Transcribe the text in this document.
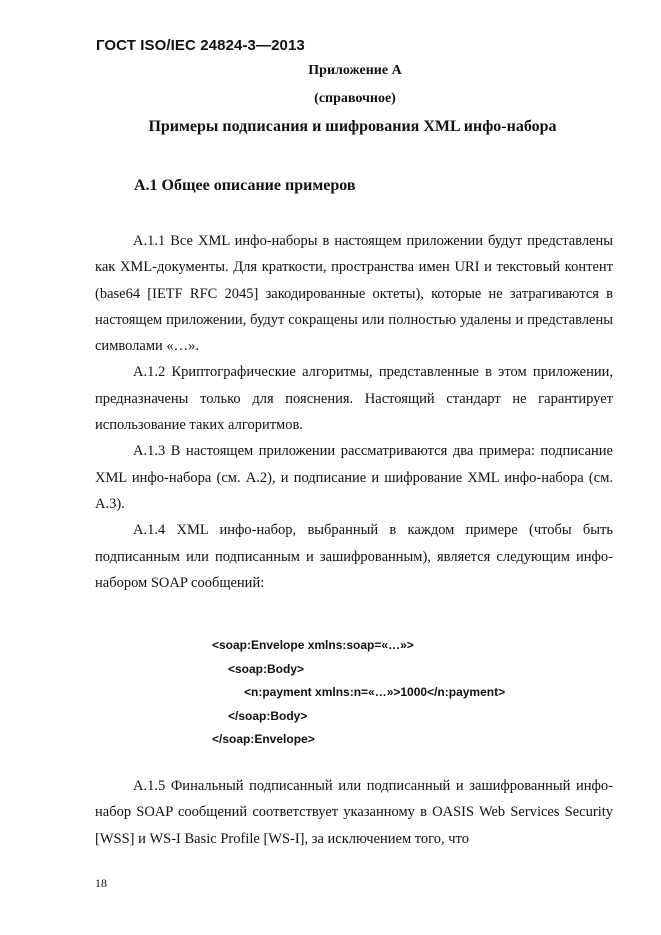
ГОСТ ISO/IEC 24824-3—2013
Приложение А
(справочное)
Примеры подписания и шифрования XML инфо-набора
А.1 Общее описание примеров

А.1.1 Все XML инфо-наборы в настоящем приложении будут представлены как XML-документы. Для краткости, пространства имен URI и текстовый контент (base64 [IETF RFC 2045] закодированные октеты), которые не затрагиваются в настоящем приложении, будут сокращены или полностью удалены и представлены символами «…».

А.1.2 Криптографические алгоритмы, представленные в этом приложении, предназначены только для пояснения. Настоящий стандарт не гарантирует использование таких алгоритмов.

А.1.3 В настоящем приложении рассматриваются два примера: подписание XML инфо-набора (см. А.2), и подписание и шифрование XML инфо-набора (см. А.3).

А.1.4 XML инфо-набор, выбранный в каждом примере (чтобы быть подписанным или подписанным и зашифрованным), является следующим инфо-набором SOAP сообщений:

<soap:Envelope xmlns:soap=«…»>
<soap:Body>
<n:payment xmlns:n=«…»>1000</n:payment>
</soap:Body>
</soap:Envelope>

А.1.5 Финальный подписанный или подписанный и зашифрованный инфо-набор SOAP сообщений соответствует указанному в OASIS Web Services Security [WSS] и WS-I Basic Profile [WS-I], за исключением того, что

18
